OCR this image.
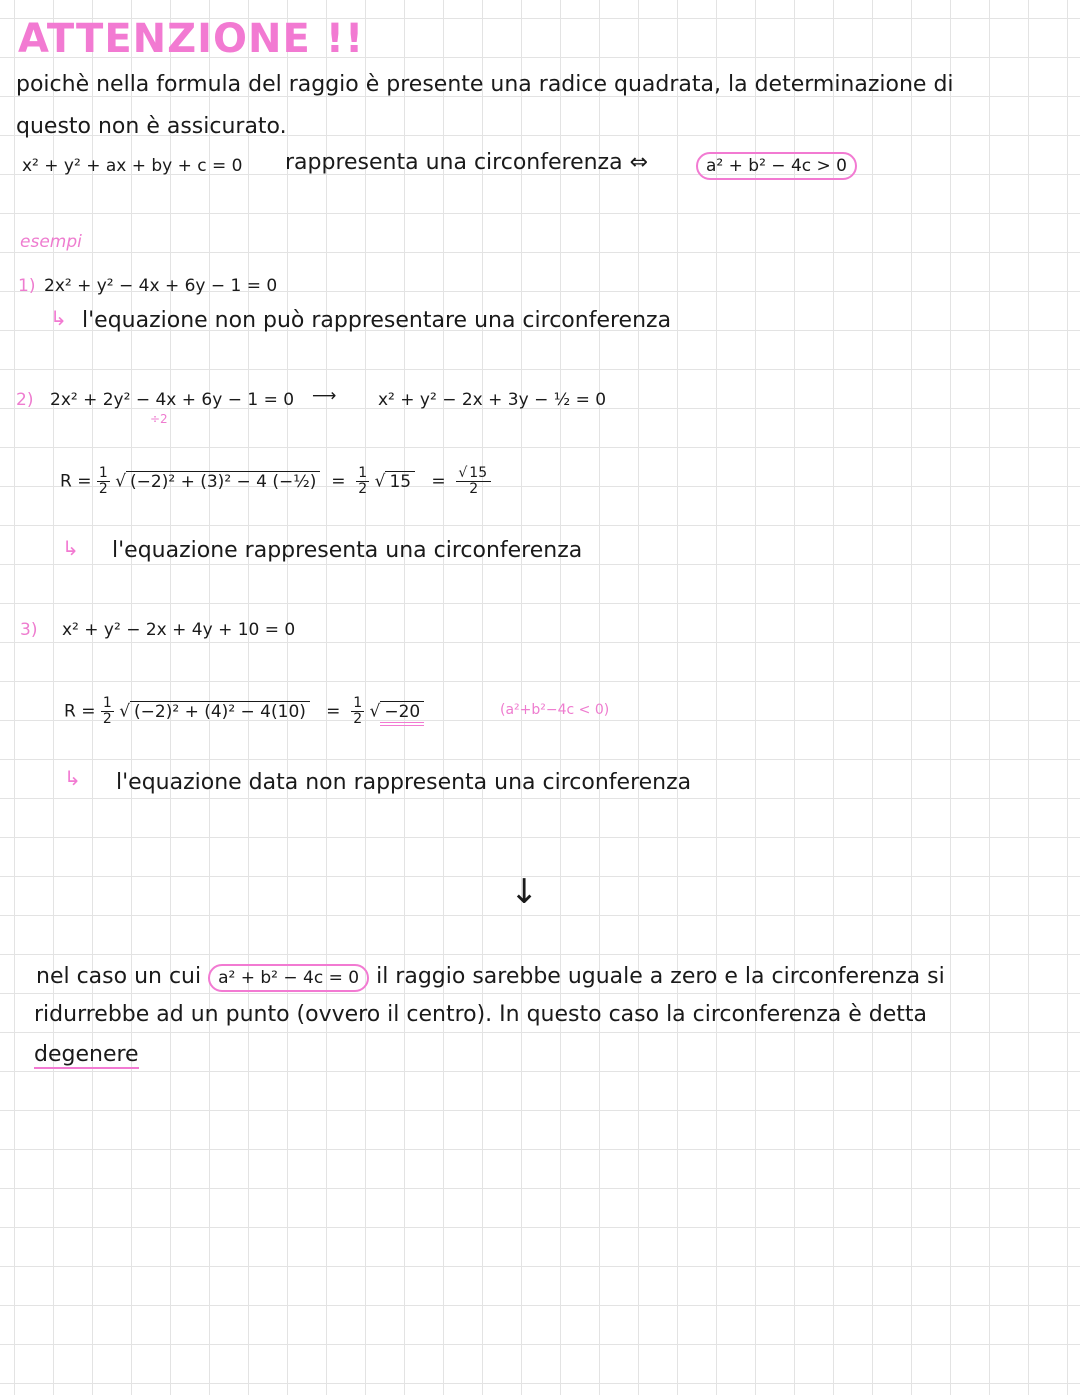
ATTENZIONE !!
poichè nella formula del raggio è presente una radice quadrata, la determinazione di
questo non è assicurato.
x² + y² + ax + by + c = 0 rappresenta una circonferenza ⇔	a² + b² − 4c > 0
esempi
1) 2x² + y² − 4x + 6y − 1 = 0
↳ l'equazione non può rappresentare una circonferenza
2) 2x² + 2y² − 4x + 6y − 1 = 0
÷2
⟶ x² + y² − 2x + 3y − ½ = 0
$R = \frac{1}{2}$ √ (−2)² + (3)² − 4 (−½) = $\frac{1}{2}$ √ $15 = \frac{√ 15}{2}$
↳ l'equazione rappresenta una circonferenza
3) x² + y² − 2x + 4y + 10 = 0
$R = \frac{1}{2}$ √ $(-2)^2 + (4)^2 - 4(10) = \frac{1}{2}$ √ −20	(a²+b²−4c < 0)
↳ l'equazione data non rappresenta una circonferenza
↓
nel caso un cui a² + b² − 4c = 0 il raggio sarebbe uguale a zero e la circonferenza si
ridurrebbe ad un punto (ovvero il centro). In questo caso la circonferenza è detta
degenere
